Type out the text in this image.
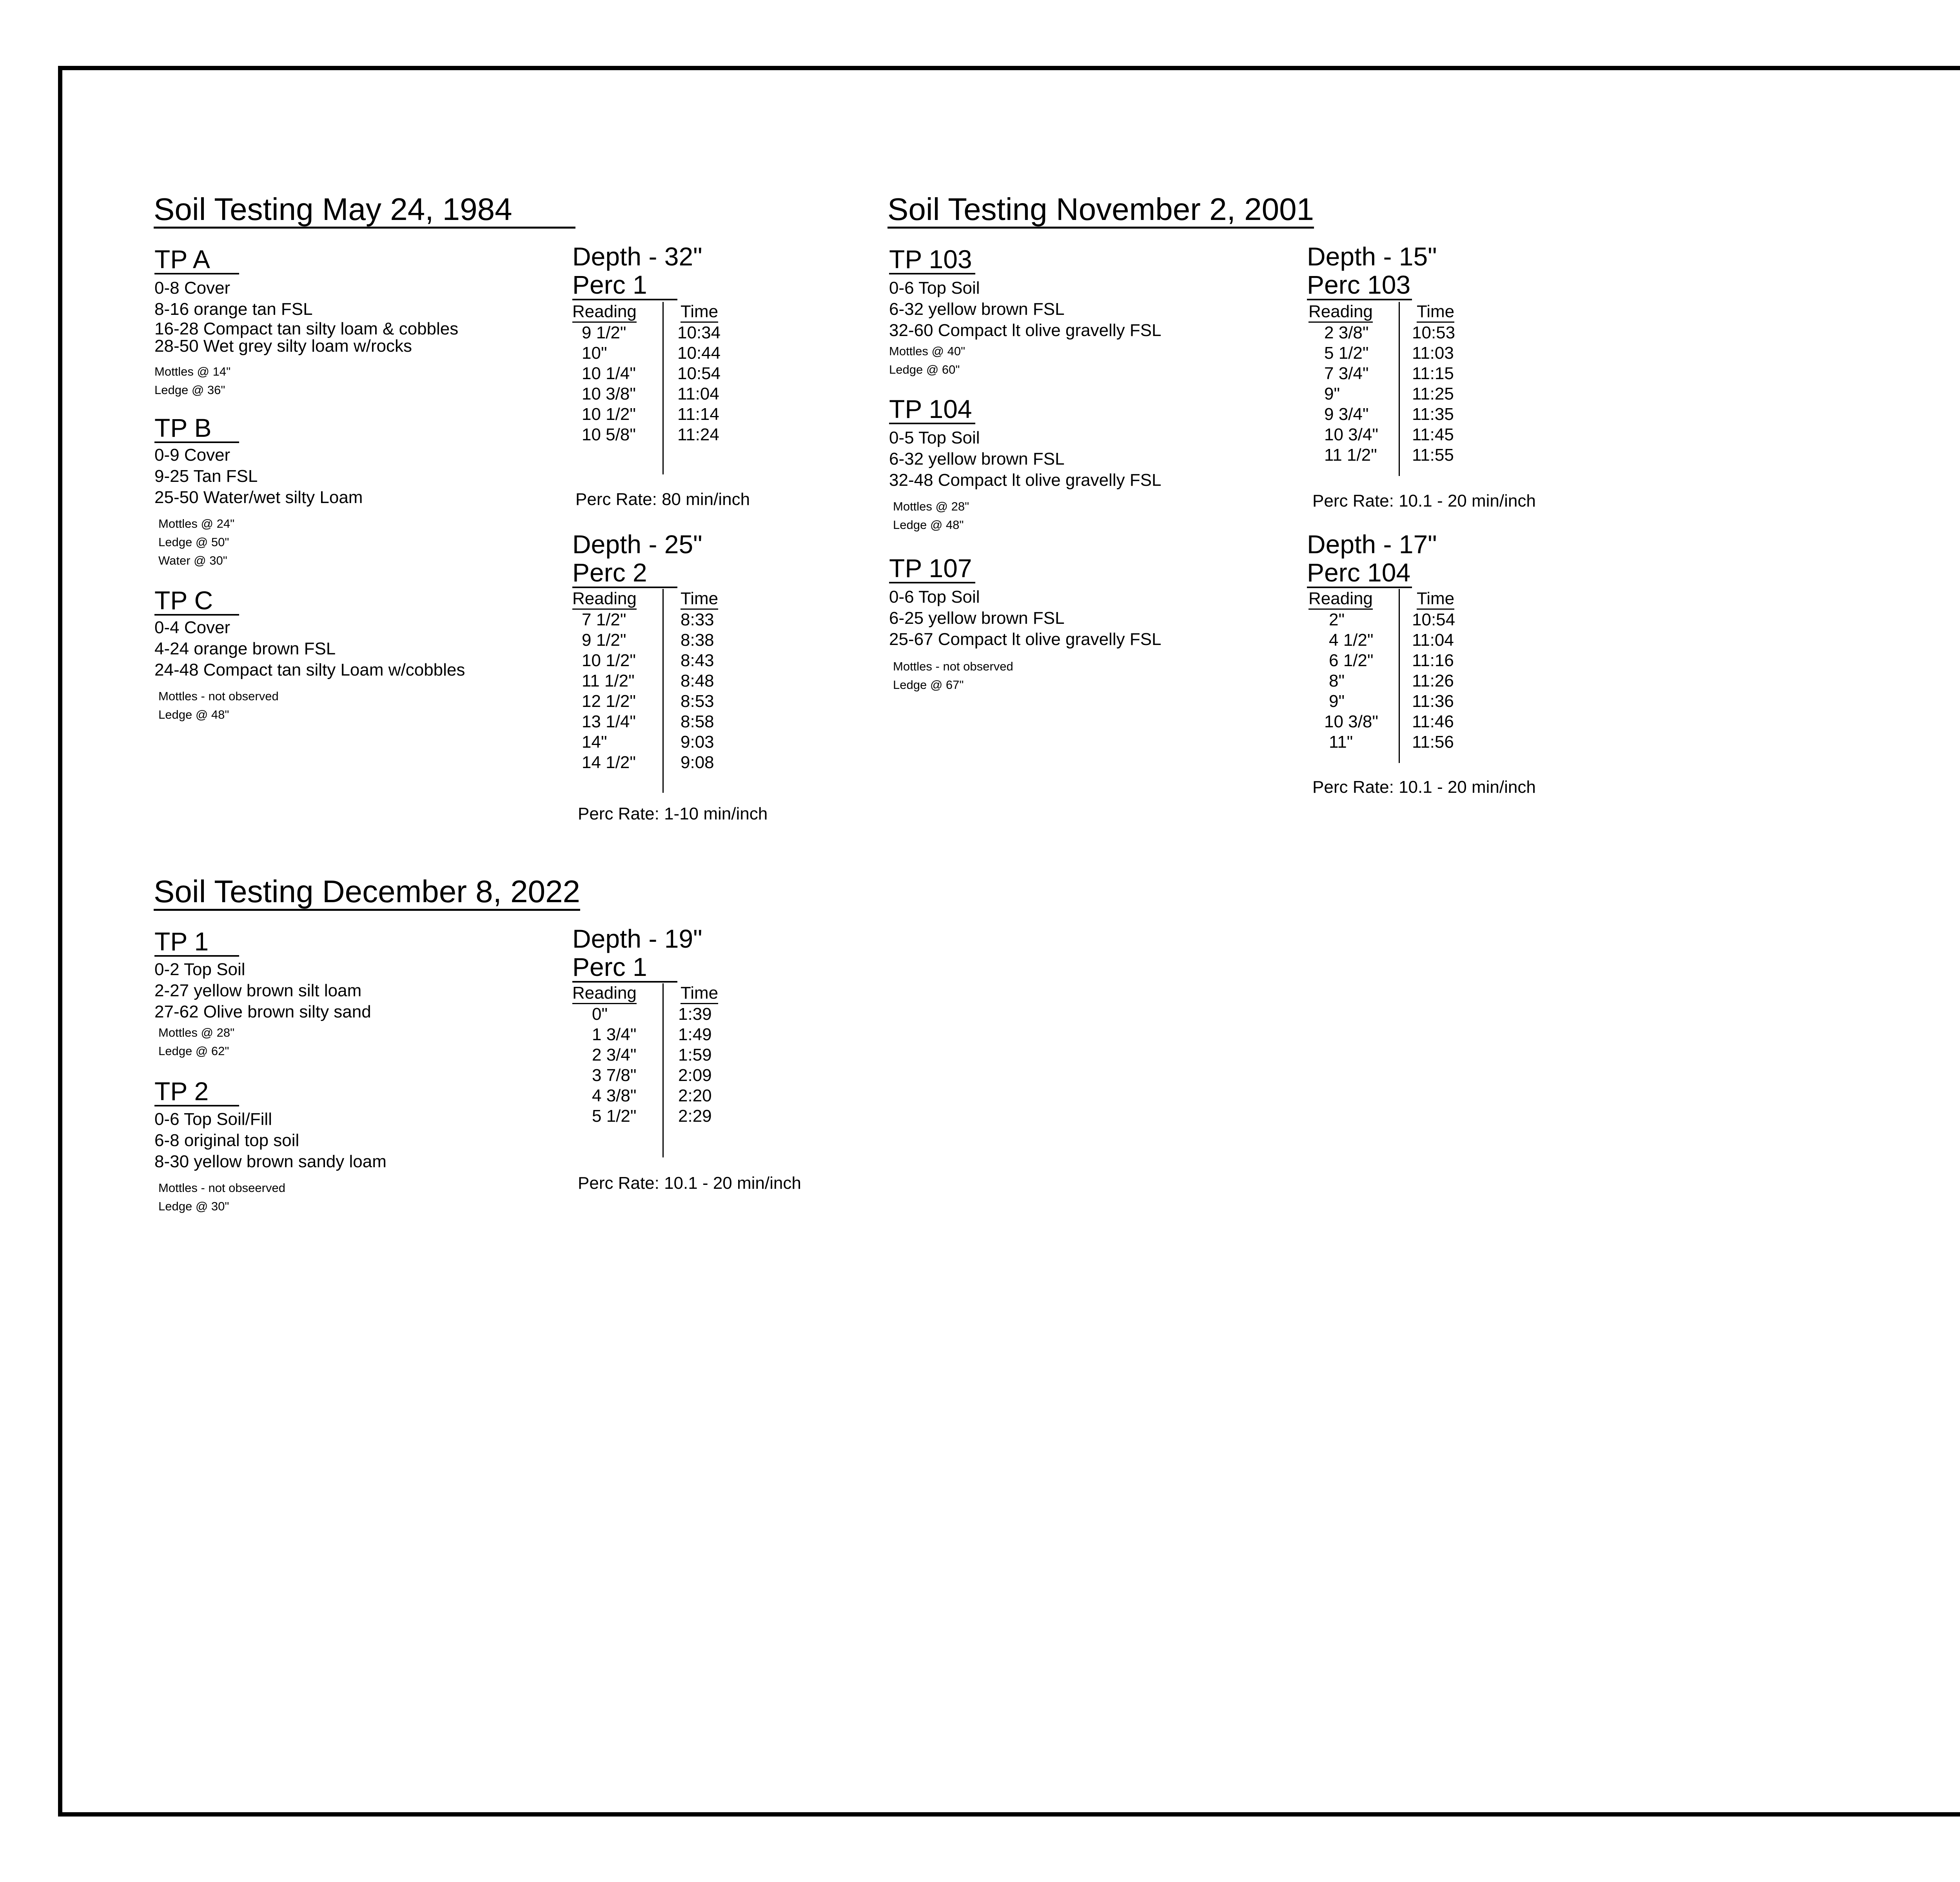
Soil Testing May 24, 1984
TP A
0-8 Cover
8-16 orange tan FSL
16-28 Compact tan silty loam & cobbles
28-50 Wet grey silty loam w/rocks
Mottles @ 14"
Ledge @ 36"
TP B
0-9 Cover
9-25 Tan FSL
25-50 Water/wet silty Loam
Mottles @ 24"
Ledge @ 50"
Water @ 30"
TP C
0-4 Cover
4-24 orange brown FSL
24-48 Compact tan silty Loam w/cobbles
Mottles - not observed
Ledge @ 48"
Depth - 32"
Perc 1
Reading	Time
9 1/2"	10:34
10"	10:44
10 1/4" 10:54
10 3/8" 11:04
10 1/2" 11:14
10 5/8" 11:24
Perc Rate: 80 min/inch
Depth - 25"
Perc 2
Reading	Time
7 1/2"	8:33
9 1/2"	8:38
10 1/2"	8:43
11 1/2"	8:48
12 1/2"	8:53
13 1/4"	8:58
14"	9:03
14 1/2"	9:08
Perc Rate: 1-10 min/inch
Soil Testing November 2, 2001
TP 103
0-6 Top Soil
6-32 yellow brown FSL
32-60 Compact lt olive gravelly FSL
Mottles @ 40"
Ledge @ 60"
TP 104
0-5 Top Soil
6-32 yellow brown FSL
32-48 Compact lt olive gravelly FSL
Mottles @ 28"
Ledge @ 48"
TP 107
0-6 Top Soil
6-25 yellow brown FSL
25-67 Compact lt olive gravelly FSL
Mottles - not observed
Ledge @ 67"
Depth - 15"
Perc 103
Reading	Time
2 3/8"	10:53
5 1/2"	11:03
7 3/4"	11:15
9"	11:25
9 3/4"	11:35
10 3/4" 11:45
11 1/2" 11:55
Perc Rate: 10.1 - 20 min/inch
Depth - 17"
Perc 104
Reading	Time
2"	10:54
4 1/2" 11:04
6 1/2" 11:16
8"	11:26
9"	11:36
10 3/8" 11:46
11"	11:56
Perc Rate: 10.1 - 20 min/inch
Soil Testing December 8, 2022
TP 1
0-2 Top Soil
2-27 yellow brown silt loam
27-62 Olive brown silty sand
Mottles @ 28"
Ledge @ 62"
TP 2
0-6 Top Soil/Fill
6-8 original top soil
8-30 yellow brown sandy loam
Mottles - not obseerved
Ledge @ 30"
Depth - 19"
Perc 1
Reading	Time
0"	1:39
1 3/4" 1:49
2 3/4" 1:59
3 7/8" 2:09
4 3/8" 2:20
5 1/2" 2:29
Perc Rate: 10.1 - 20 min/inch
